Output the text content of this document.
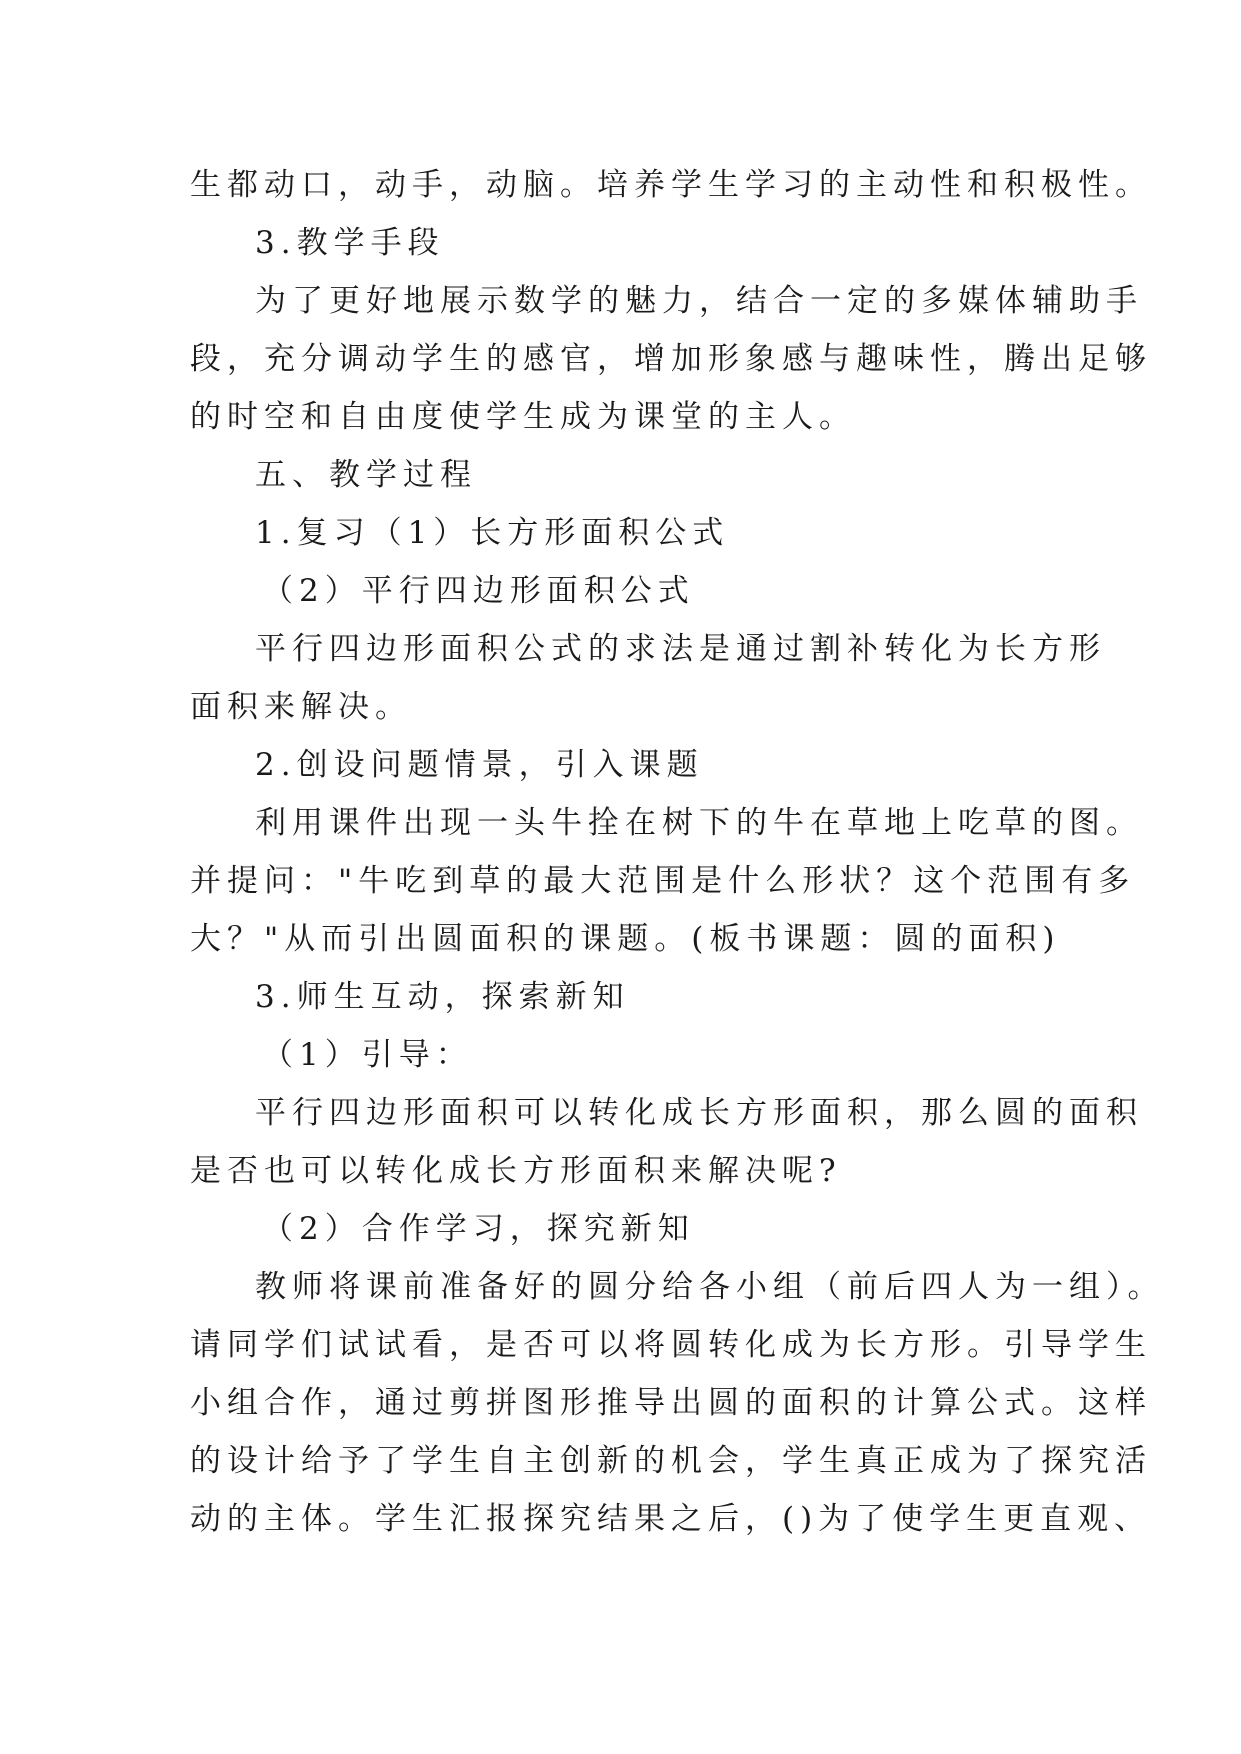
生都动口，动手，动脑。培养学生学习的主动性和积极性。
3.教学手段
为了更好地展示数学的魅力，结合一定的多媒体辅助手
段，充分调动学生的感官，增加形象感与趣味性，腾出足够
的时空和自由度使学生成为课堂的主人。
五、教学过程
1.复习（1）长方形面积公式
（2）平行四边形面积公式
平行四边形面积公式的求法是通过割补转化为长方形
面积来解决。
2.创设问题情景，引入课题
利用课件出现一头牛拴在树下的牛在草地上吃草的图。
并提问："牛吃到草的最大范围是什么形状？这个范围有多
大？"从而引出圆面积的课题。(板书课题：圆的面积)
3.师生互动，探索新知
（1）引导：
平行四边形面积可以转化成长方形面积，那么圆的面积
是否也可以转化成长方形面积来解决呢?
（2）合作学习，探究新知
教师将课前准备好的圆分给各小组（前后四人为一组）。
请同学们试试看，是否可以将圆转化成为长方形。引导学生
小组合作，通过剪拼图形推导出圆的面积的计算公式。这样
的设计给予了学生自主创新的机会，学生真正成为了探究活
动的主体。学生汇报探究结果之后，()为了使学生更直观、
